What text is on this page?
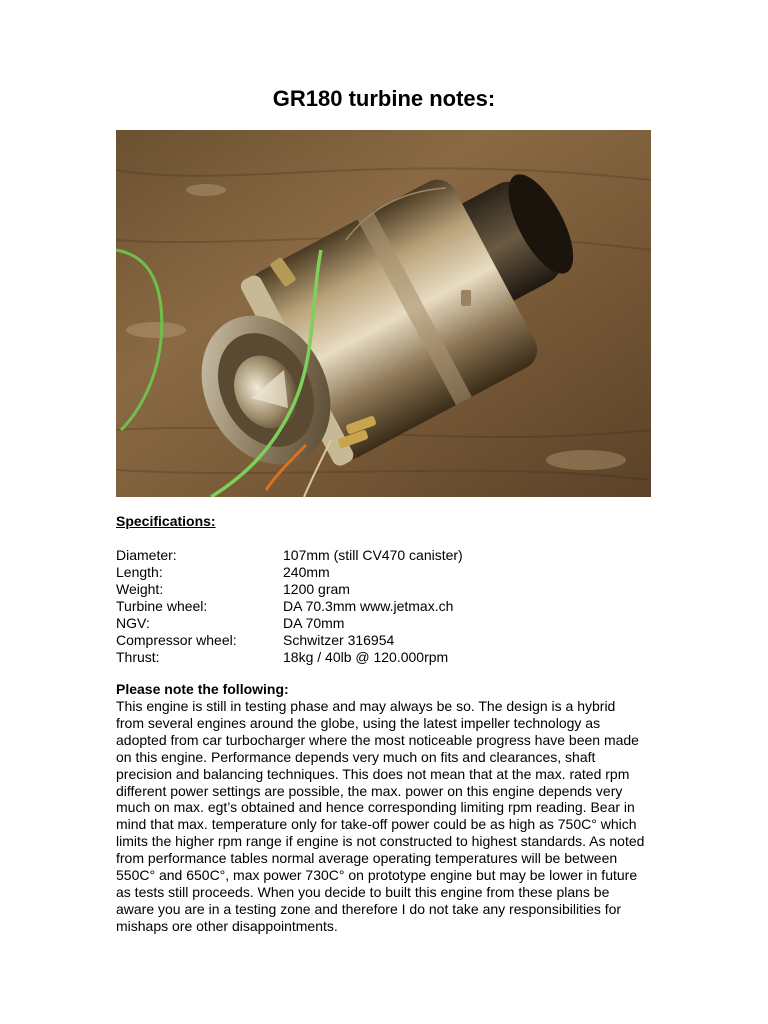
GR180 turbine notes:
Specifications:
Diameter:	107mm (still CV470 canister)
Length:	240mm
Weight:	1200 gram
Turbine wheel:	DA 70.3mm www.jetmax.ch
NGV:	DA 70mm
Compressor wheel:	Schwitzer 316954
Thrust:	18kg / 40lb @ 120.000rpm
Please note the following:

This engine is still in testing phase and may always be so. The design is a hybrid
from several engines around the globe, using the latest impeller technology as
adopted from car turbocharger where the most noticeable progress have been made
on this engine. Performance depends very much on fits and clearances, shaft
precision and balancing techniques. This does not mean that at the max. rated rpm
different power settings are possible, the max. power on this engine depends very
much on max. egt’s obtained and hence corresponding limiting rpm reading. Bear in
mind that max. temperature only for take-off power could be as high as 750C° which
limits the higher rpm range if engine is not constructed to highest standards. As noted
from performance tables normal average operating temperatures will be between
550C° and 650C°, max power 730C° on prototype engine but may be lower in future
as tests still proceeds. When you decide to built this engine from these plans be
aware you are in a testing zone and therefore I do not take any responsibilities for
mishaps ore other disappointments.
